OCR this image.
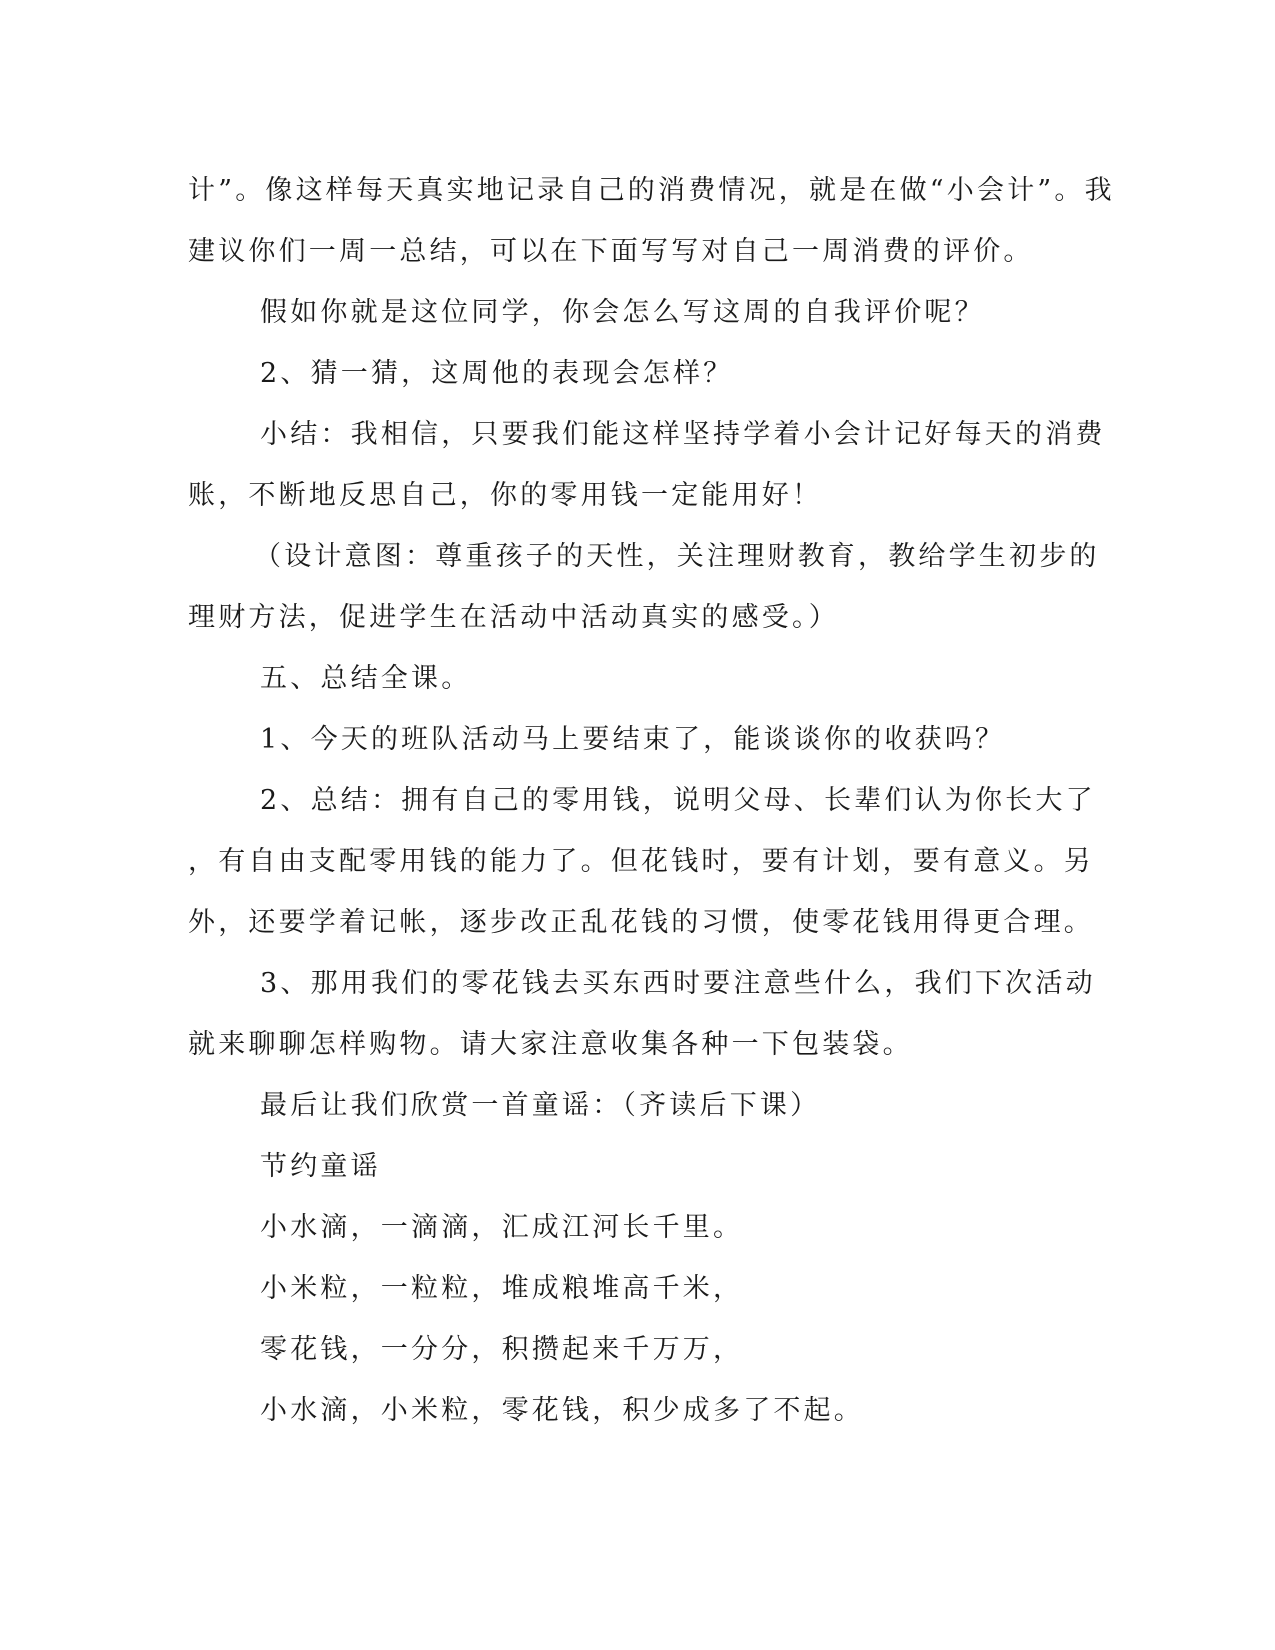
计”。像这样每天真实地记录自己的消费情况，就是在做“小会计”。我
建议你们一周一总结，可以在下面写写对自己一周消费的评价。
假如你就是这位同学，你会怎么写这周的自我评价呢？
2、猜一猜，这周他的表现会怎样？
小结：我相信，只要我们能这样坚持学着小会计记好每天的消费
账，不断地反思自己，你的零用钱一定能用好！
（设计意图：尊重孩子的天性，关注理财教育，教给学生初步的
理财方法，促进学生在活动中活动真实的感受。）
五、总结全课。
1、今天的班队活动马上要结束了，能谈谈你的收获吗？
2、总结：拥有自己的零用钱，说明父母、长辈们认为你长大了
，有自由支配零用钱的能力了。但花钱时，要有计划，要有意义。另
外，还要学着记帐，逐步改正乱花钱的习惯，使零花钱用得更合理。
3、那用我们的零花钱去买东西时要注意些什么，我们下次活动
就来聊聊怎样购物。请大家注意收集各种一下包装袋。
最后让我们欣赏一首童谣：（齐读后下课）
节约童谣
小水滴，一滴滴，汇成江河长千里。
小米粒，一粒粒，堆成粮堆高千米，
零花钱，一分分，积攒起来千万万，
小水滴，小米粒，零花钱，积少成多了不起。
